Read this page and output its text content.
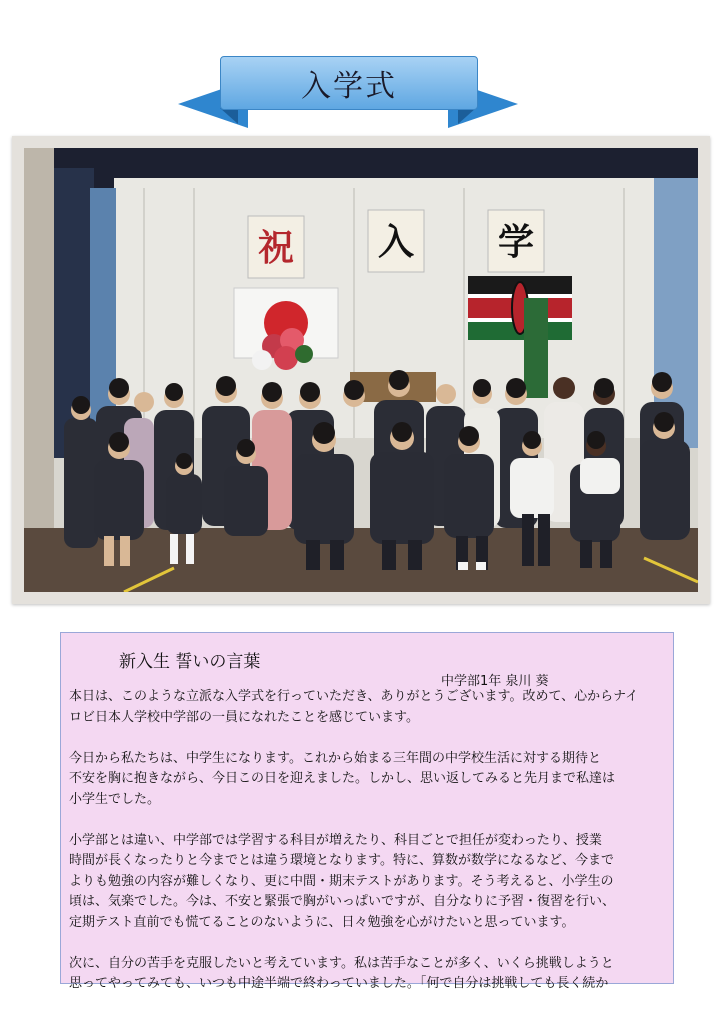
入学式
祝 入 学
新入生 誓いの言葉
中学部1年 泉川 葵

本日は、このような立派な入学式を行っていただき、ありがとうございます。改めて、心からナイ
ロビ日本人学校中学部の一員になれたことを感じています。

今日から私たちは、中学生になります。これから始まる三年間の中学校生活に対する期待と
不安を胸に抱きながら、今日この日を迎えました。しかし、思い返してみると先月まで私達は
小学生でした。

小学部とは違い、中学部では学習する科目が増えたり、科目ごとで担任が変わったり、授業
時間が長くなったりと今までとは違う環境となります。特に、算数が数学になるなど、今まで
よりも勉強の内容が難しくなり、更に中間・期末テストがあります。そう考えると、小学生の
頃は、気楽でした。今は、不安と緊張で胸がいっぱいですが、自分なりに予習・復習を行い、
定期テスト直前でも慌てることのないように、日々勉強を心がけたいと思っています。

次に、自分の苦手を克服したいと考えています。私は苦手なことが多く、いくら挑戦しようと
思ってやってみても、いつも中途半端で終わっていました。「何で自分は挑戦しても長く続か
